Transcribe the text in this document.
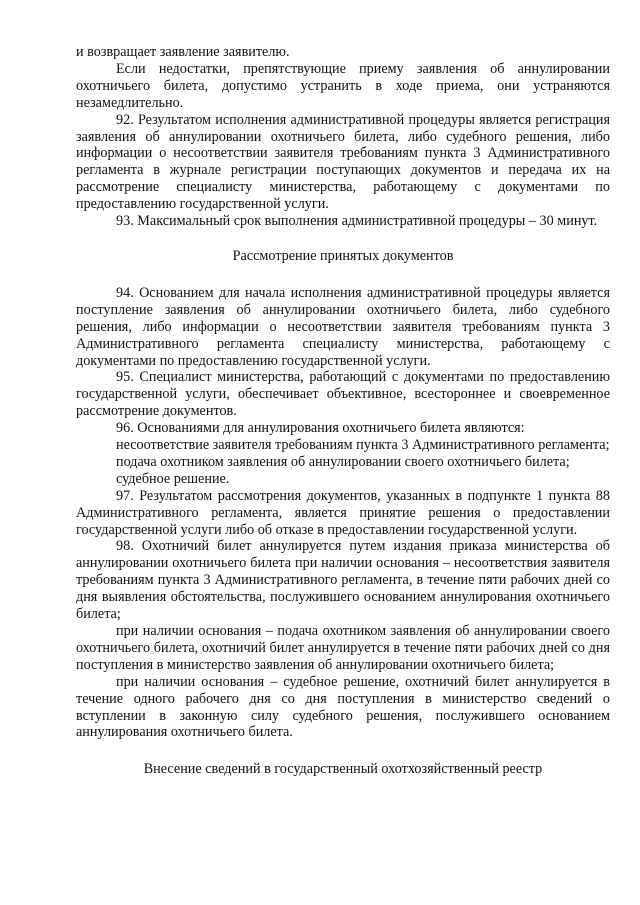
и возвращает заявление заявителю.

Если недостатки, препятствующие приему заявления об аннулировании охотничьего билета, допустимо устранить в ходе приема, они устраняются незамедлительно.

92. Результатом исполнения административной процедуры является регистрация заявления об аннулировании охотничьего билета, либо судебного решения, либо информации о несоответствии заявителя требованиям пункта 3 Административного регламента в журнале регистрации поступающих документов и передача их на рассмотрение специалисту министерства, работающему с документами по предоставлению государственной услуги.

93. Максимальный срок выполнения административной процедуры – 30 минут.

Рассмотрение принятых документов

94. Основанием для начала исполнения административной процедуры является поступление заявления об аннулировании охотничьего билета, либо судебного решения, либо информации о несоответствии заявителя требованиям пункта 3 Административного регламента специалисту министерства, работающему с документами по предоставлению государственной услуги.

95. Специалист министерства, работающий с документами по предоставлению государственной услуги, обеспечивает объективное, всестороннее и своевременное рассмотрение документов.

96. Основаниями для аннулирования охотничьего билета являются:

несоответствие заявителя требованиям пункта 3 Административного регламента;

подача охотником заявления об аннулировании своего охотничьего билета;

судебное решение.

97. Результатом рассмотрения документов, указанных в подпункте 1 пункта 88 Административного регламента, является принятие решения о предоставлении государственной услуги либо об отказе в предоставлении государственной услуги.

98. Охотничий билет аннулируется путем издания приказа министерства об аннулировании охотничьего билета при наличии основания – несоответствия заявителя требованиям пункта 3 Административного регламента, в течение пяти рабочих дней со дня выявления обстоятельства, послужившего основанием аннулирования охотничьего билета;

при наличии основания – подача охотником заявления об аннулировании своего охотничьего билета, охотничий билет аннулируется в течение пяти рабочих дней со дня поступления в министерство заявления об аннулировании охотничьего билета;

при наличии основания – судебное решение, охотничий билет аннулируется в течение одного рабочего дня со дня поступления в министерство сведений о вступлении в законную силу судебного решения, послужившего основанием аннулирования охотничьего билета.

Внесение сведений в государственный охотхозяйственный реестр
